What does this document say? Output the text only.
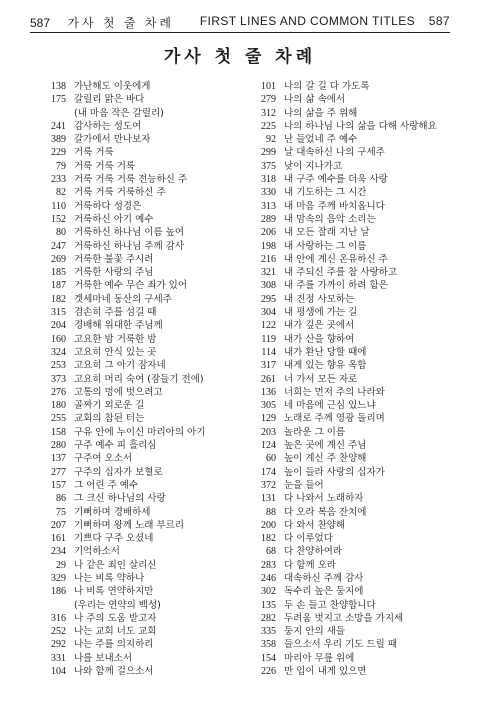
587 가사 첫 줄 차례 FIRST LINES AND COMMON TITLES 587
가사 첫 줄 차례
138 가난해도 이웃에게
175 갈릴리 맑은 바다
(내 마음 작은 갈릴리)
241 감사하는 성도여
389 갈가에서 만나보자
229 거룩 거룩
79 거룩 거룩 거룩
233 거룩 거룩 거룩 전능하신 주
82 거룩 거룩 거룩하신 주
110 거룩하다 성경은
152 거룩하신 아기 예수
80 거룩하신 하나님 이름 높여
247 거룩하신 하나님 주께 감사
269 거룩한 불꽃 주시려
185 거룩한 사랑의 주님
187 거룩한 예수 무슨 죄가 있어
182 겟세마네 동산의 구세주
315 겸손히 주를 섬길 때
204 경배해 위대한 주님께
160 고요한 밤 거룩한 밤
324 고요히 안식 있는 곳
253 고요히 그 아기 잠자네
373 고요히 머리 숙여 (잠들기 전에)
276 고통의 멍에 벗으려고
180 골짜기 외로운 길
255 교회의 참된 터는
158 구유 안에 누이신 마리아의 아기
280 구주 예수 피 흘리심
137 구주여 오소서
277 구주의 십자가 보혈로
157 그 어린 주 예수
86 그 크신 하나님의 사랑
75 기뻐하며 경배하세
207 기뻐하며 왕께 노래 부르리
161 기쁘다 구주 오셨네
234 기억하소서
29 나 같은 죄인 살리신
329 나는 비록 약하나
186 나 비록 연약하지만
(우리는 연약의 백성)
316 나 주의 도움 받고자
252 나는 교회 너도 교회
292 나는 주를 의지하리
331 나를 보내소서
104 나와 함께 걸으소서
101 나의 갈 길 다 가도록
279 나의 삶 속에서
312 나의 삶을 주 위해
225 나의 하나님 나의 삶을 다해 사랑해요
92 난 들었네 주 예수
299 날 대속하신 나의 구세주
375 낮이 지나가고
318 내 구주 예수를 더욱 사랑
330 내 기도하는 그 시간
313 내 마음 주께 바치옵니다
289 내 맘속의 음악 소리는
206 내 모든 잘래 지난 날
198 내 사랑하는 그 이름
216 내 안에 계신 온유하신 주
321 내 주되신 주를 참 사랑하고
308 내 주를 가까이 하려 함은
295 내 진정 사모하는
304 내 평생에 가는 길
122 내가 깊은 곳에서
119 내가 산을 향하여
114 내가 환난 당할 때에
317 내게 있는 향유 옥합
261 너 가서 모든 자로
136 너희는 먼저 주의 나라와
305 네 마음에 근심 있느냐
129 노래로 주께 영광 돌리며
203 놀라운 그 이름
124 높은 곳에 계신 주님
60 높이 계신 주 찬양해
174 높이 들라 사랑의 십자가
372 눈을 들어
131 다 나와서 노래하자
88 다 오라 복음 잔치에
200 다 와서 찬양해
182 다 이루었다
68 다 찬양하여라
283 다 함께 오라
246 대속하신 주께 감사
302 독수리 높은 둥지에
135 두 손 들고 찬양합니다
282 두려움 벗지고 소망을 가지세
335 둥지 안의 새들
358 들으소서 우리 기도 드릴 때
154 마리아 무릎 위에
226 만 입이 내게 있으면
